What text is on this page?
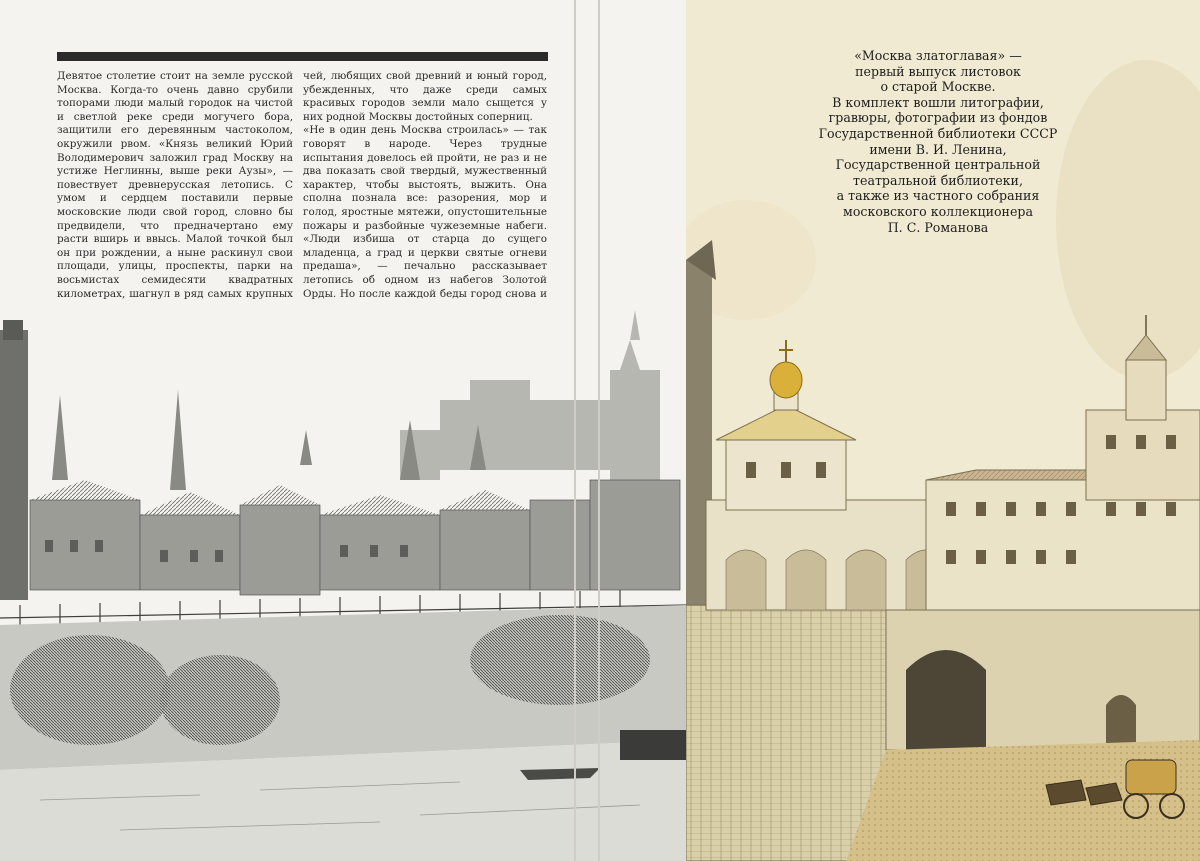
Девятое столетие стоит на земле русской Москва. Когда-то очень давно срубили топорами люди малый городок на чистой и светлой реке среди могучего бора, защитили его деревянным частоколом, окружили рвом. «Князь великий Юрий Володимерович заложил град Москву на устиже Неглинны, выше реки Аузы», — повествует древнерусская летопись. С умом и сердцем поставили первые московские люди свой город, словно бы предвидели, что предначертано ему расти вширь и ввысь. Малой точкой был он при рождении, а ныне раскинул свои площади, улицы, проспекты, парки на восьмистах семидесяти квадратных километрах, шагнул в ряд самых крупных

чей, любящих свой древний и юный город, убежденных, что даже среди самых красивых городов земли мало сыщется у них родной Москвы достойных соперниц.
«Не в один день Москва строилась» — так говорят в народе. Через трудные испытания довелось ей пройти, не раз и не два показать свой твердый, мужественный характер, чтобы выстоять, выжить. Она сполна познала все: разорения, мор и голод, яростные мятежи, опустошительные пожары и разбойные чужеземные набеги. «Люди избиша от старца до сущего младенца, а град и церкви святые огневи предаша», — печально рассказывает летопись об одном из набегов Золотой Орды. Но после каждой беды город снова и

«Москва златоглавая» —
первый выпуск листовок
о старой Москве.
В комплект вошли литографии,
гравюры, фотографии из фондов
Государственной библиотеки СССР
имени В. И. Ленина,
Государственной центральной
театральной библиотеки,
а также из частного собрания
московского коллекционера
П. С. Романова
